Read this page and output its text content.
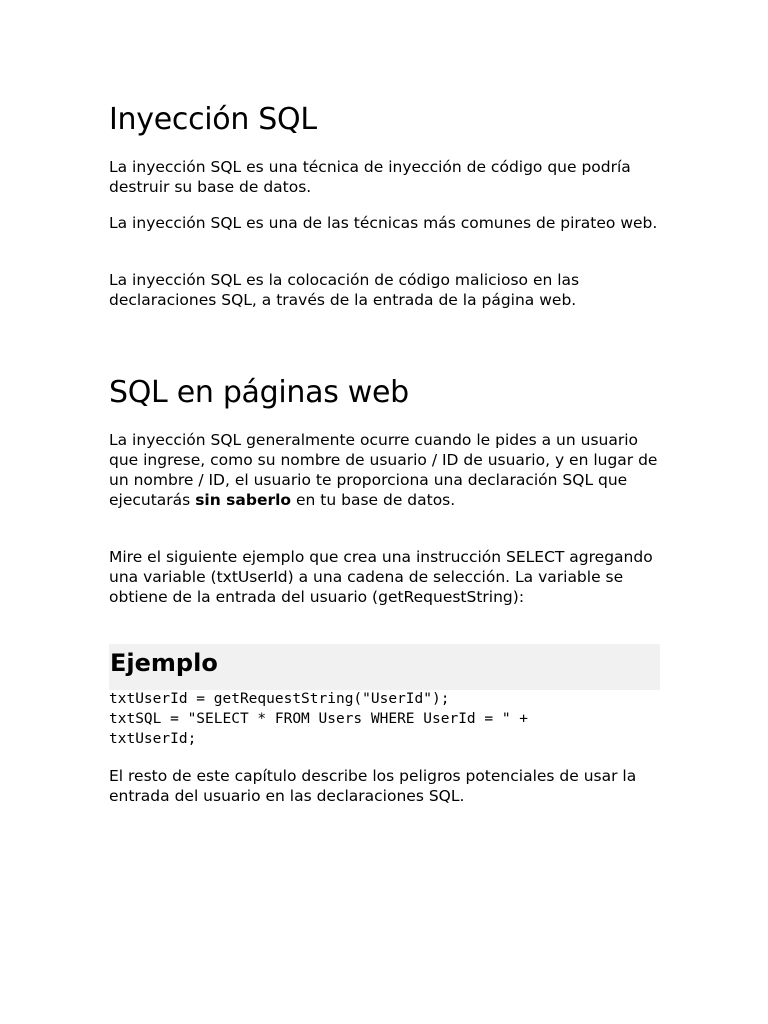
Inyección SQL

La inyección SQL es una técnica de inyección de código que podría destruir su base de datos.

La inyección SQL es una de las técnicas más comunes de pirateo web.

La inyección SQL es la colocación de código malicioso en las declaraciones SQL, a través de la entrada de la página web.

SQL en páginas web

La inyección SQL generalmente ocurre cuando le pides a un usuario que ingrese, como su nombre de usuario / ID de usuario, y en lugar de un nombre / ID, el usuario te proporciona una declaración SQL que ejecutarás sin saberlo en tu base de datos.

Mire el siguiente ejemplo que crea una instrucción SELECT agregando una variable (txtUserId) a una cadena de selección. La variable se obtiene de la entrada del usuario (getRequestString):

Ejemplo
txtUserId = getRequestString("UserId");
txtSQL = "SELECT * FROM Users WHERE UserId = " +
txtUserId;

El resto de este capítulo describe los peligros potenciales de usar la entrada del usuario en las declaraciones SQL.
